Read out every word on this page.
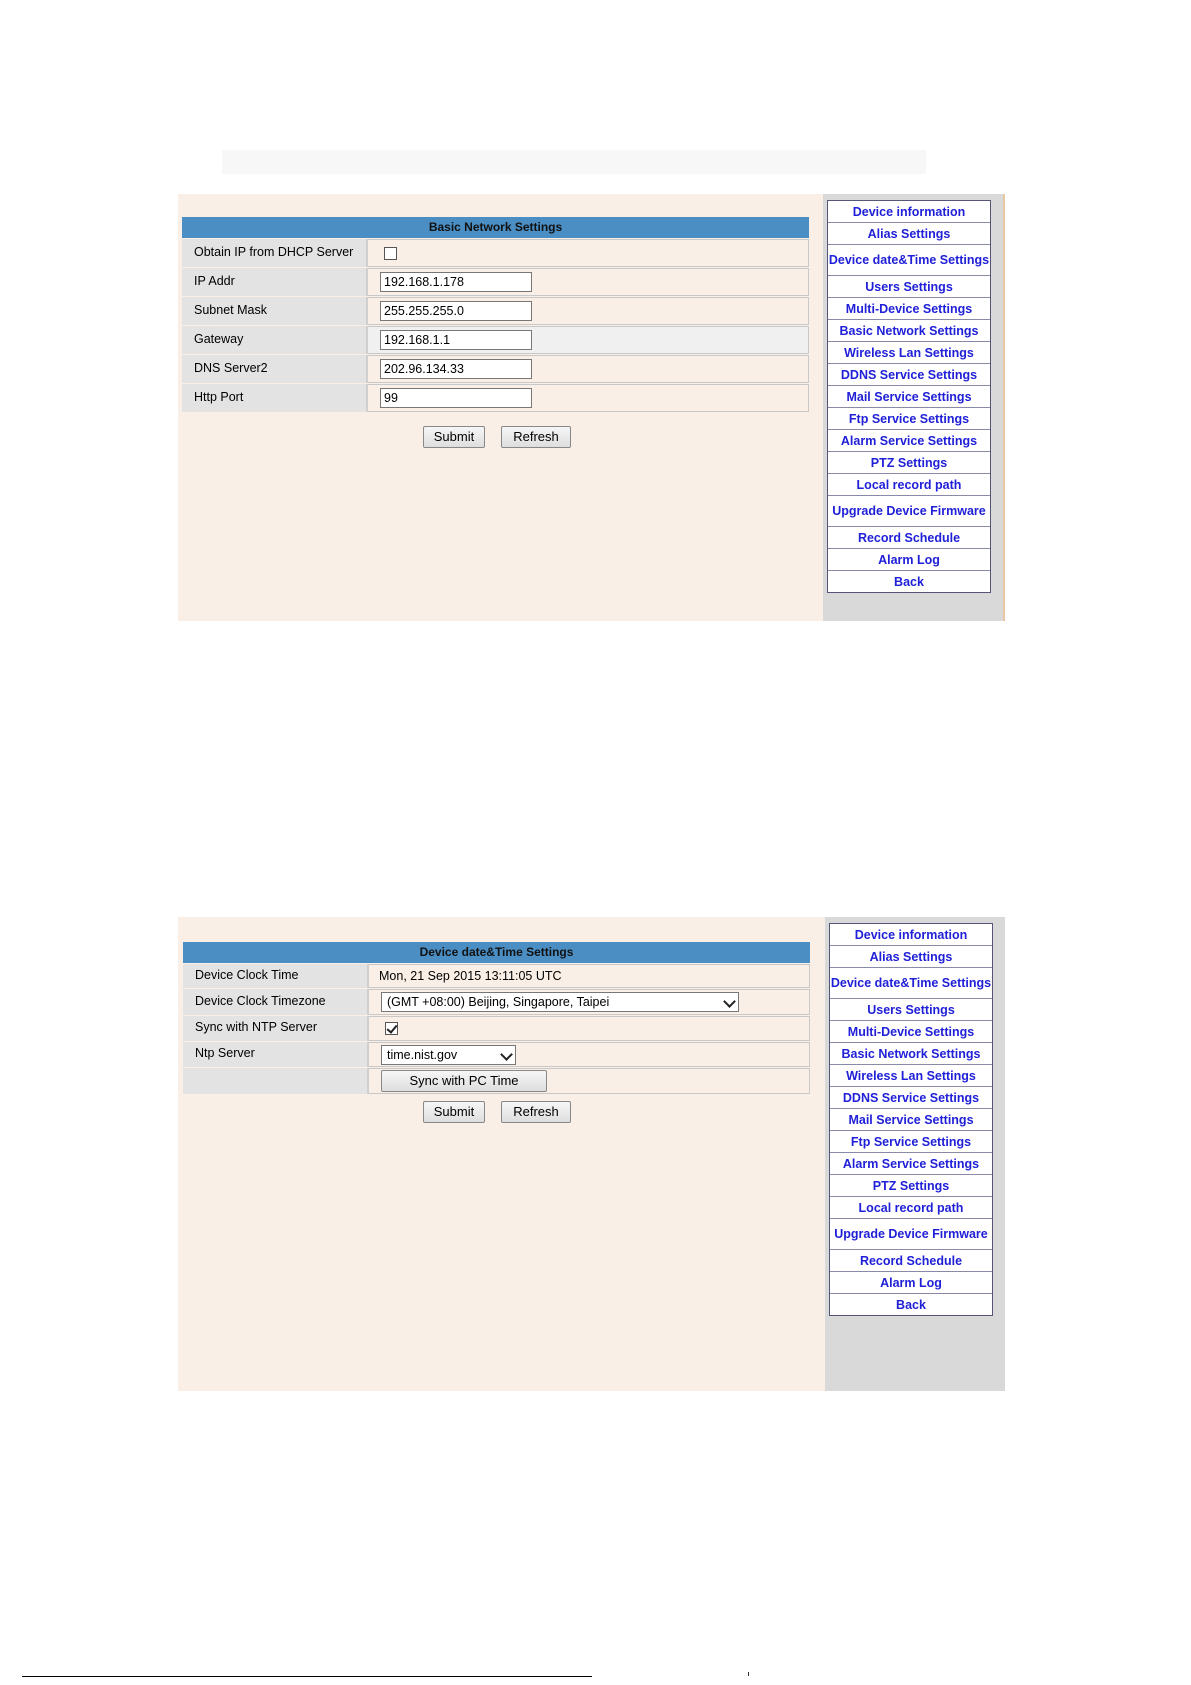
Basic Network Settings
Obtain IP from DHCP Server
IP Addr	192.168.1.178
Subnet Mask	255.255.255.0
Gateway	192.168.1.1
DNS Server2	202.96.134.33
Http Port	99
Submit	Refresh
Device information
Alias Settings
Device date&Time Settings
Users Settings
Multi-Device Settings
Basic Network Settings
Wireless Lan Settings
DDNS Service Settings
Mail Service Settings
Ftp Service Settings
Alarm Service Settings
PTZ Settings
Local record path
Upgrade Device Firmware
Record Schedule
Alarm Log
Back
Device date&Time Settings
Device Clock Time	Mon, 21 Sep 2015 13:11:05 UTC
Device Clock Timezone	(GMT +08:00) Beijing, Singapore, Taipei
Sync with NTP Server
Ntp Server	time.nist.gov
Sync with PC Time
Submit	Refresh
Device information
Alias Settings
Device date&Time Settings
Users Settings
Multi-Device Settings
Basic Network Settings
Wireless Lan Settings
DDNS Service Settings
Mail Service Settings
Ftp Service Settings
Alarm Service Settings
PTZ Settings
Local record path
Upgrade Device Firmware
Record Schedule
Alarm Log
Back
